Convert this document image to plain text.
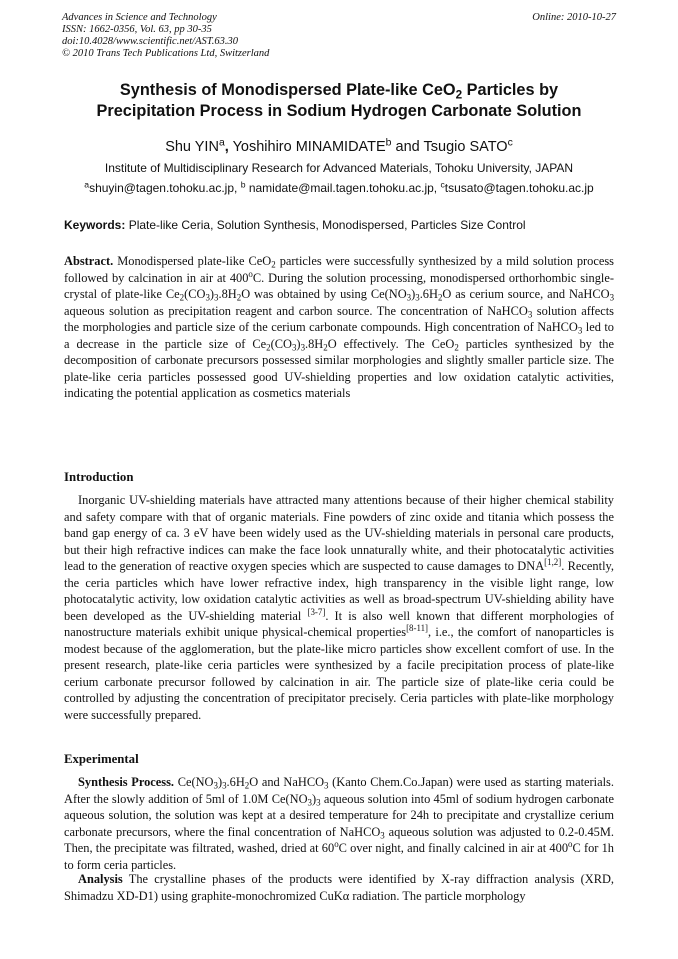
Advances in Science and Technology
ISSN: 1662-0356, Vol. 63, pp 30-35
doi:10.4028/www.scientific.net/AST.63.30
© 2010 Trans Tech Publications Ltd, Switzerland
Online: 2010-10-27
Synthesis of Monodispersed Plate-like CeO$_2$ Particles by
Precipitation Process in Sodium Hydrogen Carbonate Solution
Shu YIN$^a$, Yoshihiro MINAMIDATE$^b$ and Tsugio SATO$^c$
Institute of Multidisciplinary Research for Advanced Materials, Tohoku University, JAPAN
$^a$shuyin@tagen.tohoku.ac.jp, $^b$ namidate@mail.tagen.tohoku.ac.jp, $^c$tsusato@tagen.tohoku.ac.jp
Keywords: Plate-like Ceria, Solution Synthesis, Monodispersed, Particles Size Control
Abstract. Monodispersed plate-like CeO$_2$ particles were successfully synthesized by a mild solution process followed by calcination in air at 400$^o$C. During the solution processing, monodispersed orthorhombic single-crystal of plate-like $Ce_2(CO_3)_3.8H_2O$ was obtained by using $Ce(NO_3)_3.6H_2O$ as cerium source, and NaHCO$_3$ aqueous solution as precipitation reagent and carbon source. The concentration of NaHCO$_3$ solution affects the morphologies and particle size of the cerium carbonate compounds. High concentration of NaHCO$_3$ led to a decrease in the particle size of $Ce_2(CO_3)_3.8H_2O$ effectively. The CeO$_2$ particles synthesized by the decomposition of carbonate precursors possessed similar morphologies and slightly smaller particle size. The plate-like ceria particles possessed good UV-shielding properties and low oxidation catalytic activities, indicating the potential application as cosmetics materials
Introduction
Inorganic UV-shielding materials have attracted many attentions because of their higher chemical stability and safety compare with that of organic materials. Fine powders of zinc oxide and titania which possess the band gap energy of ca. 3 eV have been widely used as the UV-shielding materials in personal care products, but their high refractive indices can make the face look unnaturally white, and their photocatalytic activities lead to the generation of reactive oxygen species which are suspected to cause damages to DNA[1,2]. Recently, the ceria particles which have lower refractive index, high transparency in the visible light range, low photocatalytic activity, low oxidation catalytic activities as well as broad-spectrum UV-shielding ability have been developed as the UV-shielding material [3-7]. It is also well known that different morphologies of nanostructure materials exhibit unique physical-chemical properties[8-11], i.e., the comfort of nanoparticles is modest because of the agglomeration, but the plate-like micro particles show excellent comfort of use. In the present research, plate-like ceria particles were synthesized by a facile precipitation process of plate-like cerium carbonate precursor followed by calcination in air. The particle size of plate-like ceria could be controlled by adjusting the concentration of precipitator precisely. Ceria particles with plate-like morphology were successfully prepared.
Experimental
Synthesis Process. $Ce(NO_3)_3.6H_2O$ and NaHCO$_3$ (Kanto Chem.Co.Japan) were used as starting materials. After the slowly addition of 5ml of 1.0M $Ce(NO_3)_3$ aqueous solution into 45ml of sodium hydrogen carbonate aqueous solution, the solution was kept at a desired temperature for 24h to precipitate and crystallize cerium carbonate precursors, where the final concentration of NaHCO$_3$ aqueous solution was adjusted to 0.2-0.45M. Then, the precipitate was filtrated, washed, dried at 60$^o$C over night, and finally calcined in air at 400$^o$C for 1h to form ceria particles.
Analysis The crystalline phases of the products were identified by X-ray diffraction analysis (XRD, Shimadzu XD-D1) using graphite-monochromized CuKα radiation. The particle morphology
